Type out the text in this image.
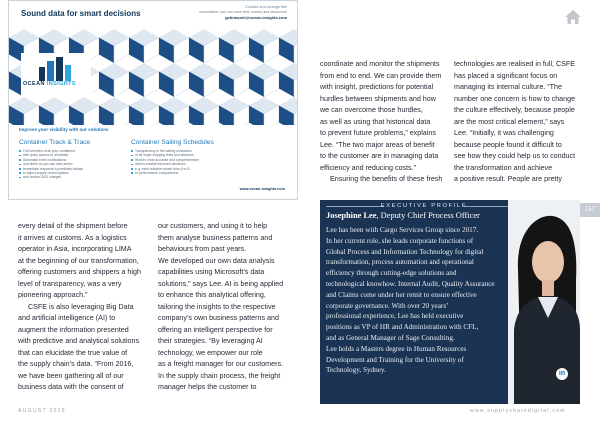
Sound data for smart decisions
Contact us to arrange free
consultation: you can save time, money and resources!
getintouch@ocean-insights.com
OCEAN INSIGHTS
Improve your visibility with our solutions
Container Track & Trace
Full overview of all your containers
with quick access to all details
Automatic event notifications
and alerts so you can take action
Immediate response to predicted delays
to adjust supply chain logistics
and reduce D&D charges
Container Sailing Schedules
Transparency in the sailing schedules
of all major shipping lines and alliances
World's most accurate and comprehensive
data to enable informed decisions
e.g. most suitable vessel from A to B
or performance comparisons
www.ocean-insights.com

coordinate and monitor the shipments

from end to end. We can provide them

with insight, predictions for potential

hurdles between shipments and how

we can overcome those hurdles,

as well as using that historical data

to prevent future problems,” explains

Lee. “The two major areas of benefit

to the customer are in managing data

efficiency and reducing costs.”

Ensuring the benefits of these fresh

technologies are realised in full, CSFE

has placed a significant focus on

managing its internal culture. “The

number one concern is how to change

the culture effectively, because people

are the most critical element,” says

Lee. “Initially, it was challenging

because people found it difficult to

see how they could help us to conduct

the transformation and achieve

a positive result. People are pretty

every detail of the shipment before

it arrives at customs. As a logistics

operator in Asia, incorporating LIMA

at the beginning of our transformation,

offering customers and shippers a high

level of transparency, was a very

pioneering approach.”

CSFE is also leveraging Big Data

and artificial intelligence (AI) to

augment the information presented

with predictive and analytical solutions

that can elucidate the true value of

the supply chain’s data. “From 2016,

we have been gathering all of our

business data with the consent of

our customers, and using it to help

them analyse business patterns and

behaviours from past years.

We developed our own data analysis

capabilities using Microsoft’s data

solutions,” says Lee. AI is being applied

to enhance this analytical offering,

tailoring the insights to the respective

company’s own business patterns and

offering an intelligent perspective for

their strategies. “By leveraging AI

technology, we empower our role

as a freight manager for our customers.

In the supply chain process, the freight

manager helps the customer to

157
EXECUTIVE PROFILE
Josephine Lee, Deputy Chief Process Officer

Lee has been with Cargo Services Group since 2017.

In her current role, she leads corporate functions of

Global Process and Information Technology for digital

transformation, process automation and operational

efficiency through cutting-edge solutions and

technological knowhow. Internal Audit, Quality Assurance

and Claims come under her remit to ensure effective

corporate governance. With over 20 years’

professional experience, Lee has held executive

positions as VP of HR and Administration with CFL,

and as General Manager of Sage Consulting.

Lee holds a Masters degree in Human Resources

Development and Training for the University of

Technology, Sydney.	in
AUGUST 2019	www.supplychaindigital.com
